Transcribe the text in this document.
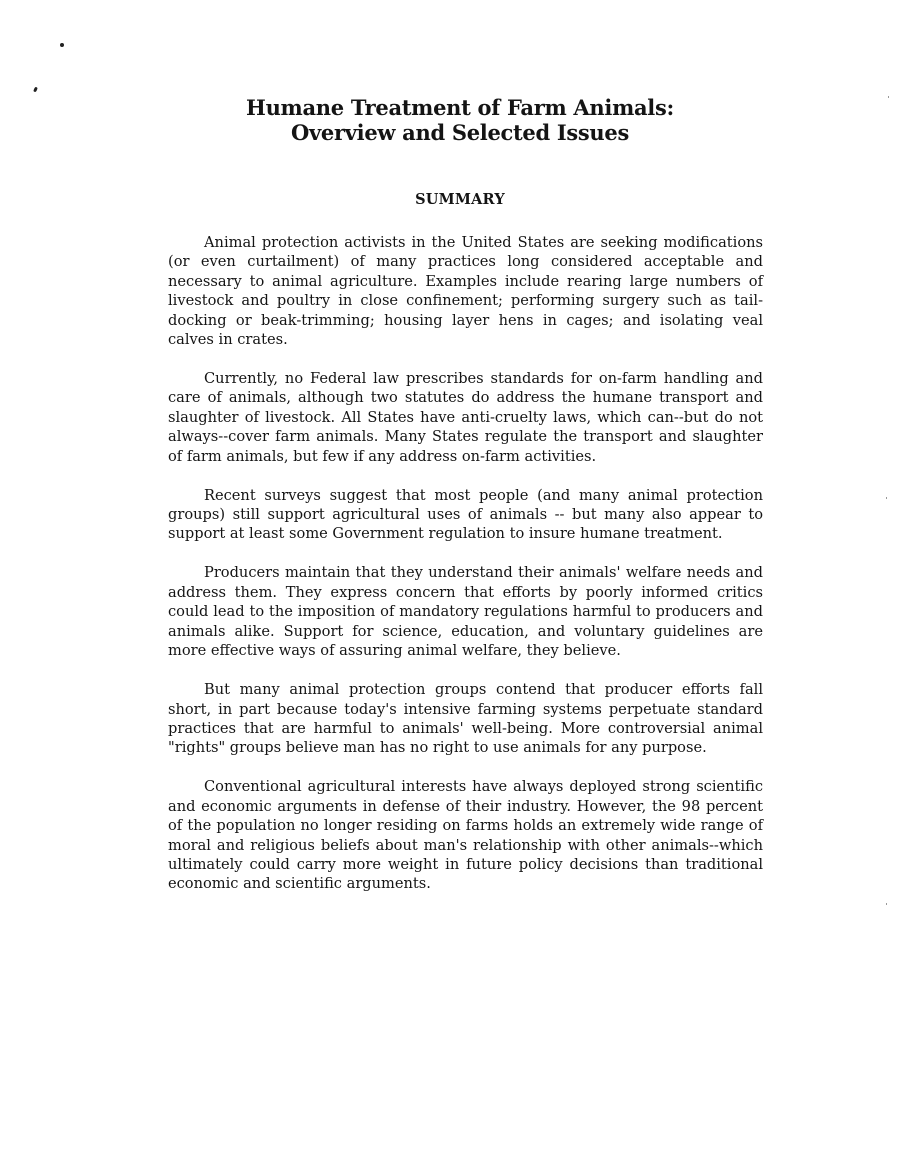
Humane Treatment of Farm Animals:
Overview and Selected Issues
SUMMARY

Animal protection activists in the United States are seeking modifications (or even curtailment) of many practices long considered acceptable and necessary to animal agriculture. Examples include rearing large numbers of livestock and poultry in close confinement; performing surgery such as tail-docking or beak-trimming; housing layer hens in cages; and isolating veal calves in crates.

Currently, no Federal law prescribes standards for on-farm handling and care of animals, although two statutes do address the humane transport and slaughter of livestock. All States have anti-cruelty laws, which can--but do not always--cover farm animals. Many States regulate the transport and slaughter of farm animals, but few if any address on-farm activities.

Recent surveys suggest that most people (and many animal protection groups) still support agricultural uses of animals -- but many also appear to support at least some Government regulation to insure humane treatment.

Producers maintain that they understand their animals' welfare needs and address them. They express concern that efforts by poorly informed critics could lead to the imposition of mandatory regulations harmful to producers and animals alike. Support for science, education, and voluntary guidelines are more effective ways of assuring animal welfare, they believe.

But many animal protection groups contend that producer efforts fall short, in part because today's intensive farming systems perpetuate standard practices that are harmful to animals' well-being. More controversial animal "rights" groups believe man has no right to use animals for any purpose.

Conventional agricultural interests have always deployed strong scientific and economic arguments in defense of their industry. However, the 98 percent of the population no longer residing on farms holds an extremely wide range of moral and religious beliefs about man's relationship with other animals--which ultimately could carry more weight in future policy decisions than traditional economic and scientific arguments.
